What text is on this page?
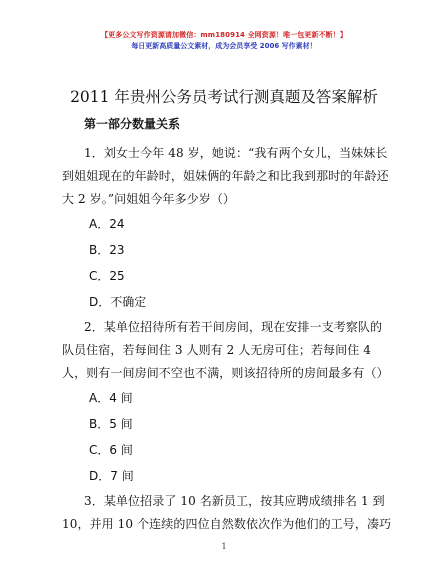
【更多公文写作资源请加微信：mm180914 全网资源！唯一包更新不断！】
每日更新高质量公文素材，成为会员享受 2006 写作素材！
2011 年贵州公务员考试行测真题及答案解析
第一部分数量关系
1．刘女士今年 48 岁，她说：“我有两个女儿，当妹妹长
到姐姐现在的年龄时，姐妹俩的年龄之和比我到那时的年龄还
大 2 岁。”问姐姐今年多少岁（）
A．24
B．23
C．25
D．不确定
2．某单位招待所有若干间房间，现在安排一支考察队的
队员住宿，若每间住 3 人则有 2 人无房可住；若每间住 4
人，则有一间房间不空也不满，则该招待所的房间最多有（）
A．4 间
B．5 间
C．6 间
D．7 间
3．某单位招录了 10 名新员工，按其应聘成绩排名 1 到
10，并用 10 个连续的四位自然数依次作为他们的工号，凑巧
1
